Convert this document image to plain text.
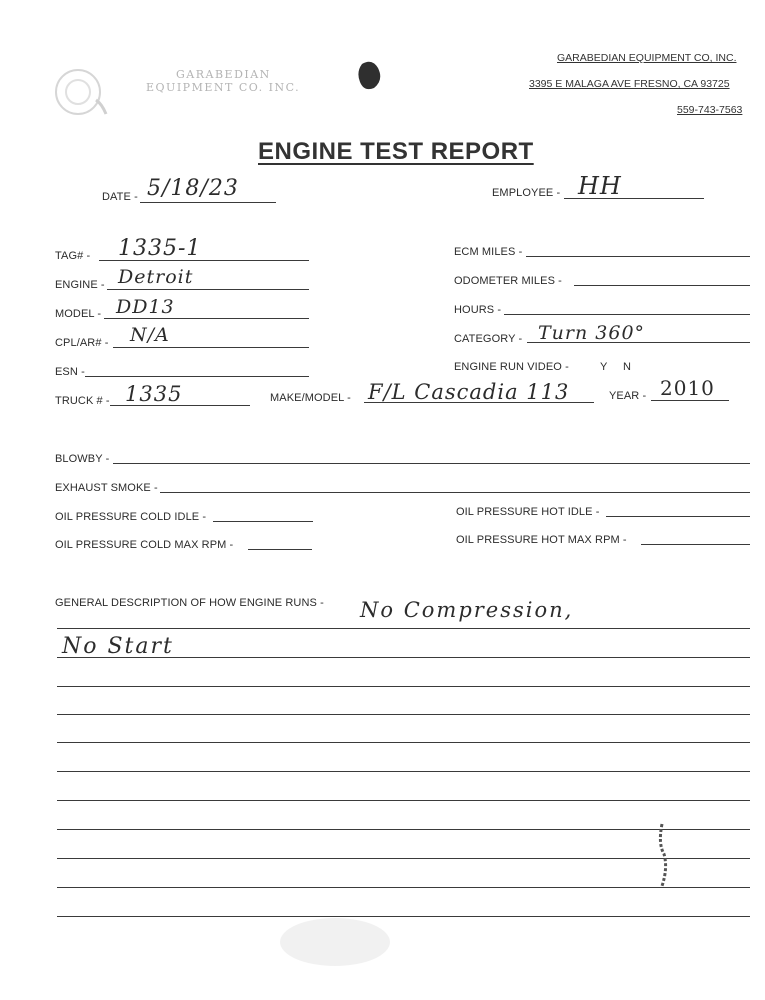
GARABEDIAN
EQUIPMENT CO. INC.
GARABEDIAN EQUIPMENT CO, INC.
3395 E MALAGA AVE FRESNO, CA 93725
559-743-7563
ENGINE TEST REPORT
DATE - 5/18/23	EMPLOYEE - HH
TAG# - 1335-1
ENGINE - Detroit
MODEL - DD13
CPL/AR# - N/A
ESN -
TRUCK # - 1335	MAKE/MODEL - F/L Cascadia 113	YEAR - 2010
ECM MILES -
ODOMETER MILES -
HOURS -
CATEGORY - Turn 360°
ENGINE RUN VIDEO -	Y N
BLOWBY -
EXHAUST SMOKE -
OIL PRESSURE COLD IDLE -
OIL PRESSURE COLD MAX RPM -
OIL PRESSURE HOT IDLE -
OIL PRESSURE HOT MAX RPM -
GENERAL DESCRIPTION OF HOW ENGINE RUNS - No Compression,
No Start
